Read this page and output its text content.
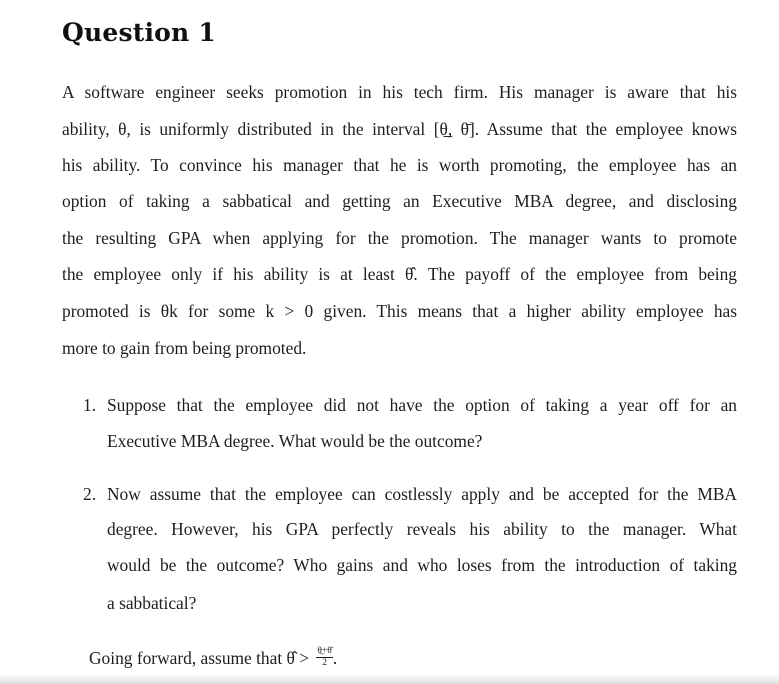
Question 1
A software engineer seeks promotion in his tech firm. His manager is aware that his
ability, θ, is uniformly distributed in the interval [θ̲, θ̄]. Assume that the employee knows
his ability. To convince his manager that he is worth promoting, the employee has an
option of taking a sabbatical and getting an Executive MBA degree, and disclosing
the resulting GPA when applying for the promotion. The manager wants to promote
the employee only if his ability is at least θ̂. The payoff of the employee from being
promoted is θk for some k > 0 given. This means that a higher ability employee has
more to gain from being promoted.
1. Suppose that the employee did not have the option of taking a year off for an
Executive MBA degree. What would be the outcome?
2. Now assume that the employee can costlessly apply and be accepted for the MBA
degree. However, his GPA perfectly reveals his ability to the manager. What
would be the outcome? Who gains and who loses from the introduction of taking
a sabbatical?
Going forward, assume that θ̂ > $\frac{\theta̲+\thetā}{2}$ .
